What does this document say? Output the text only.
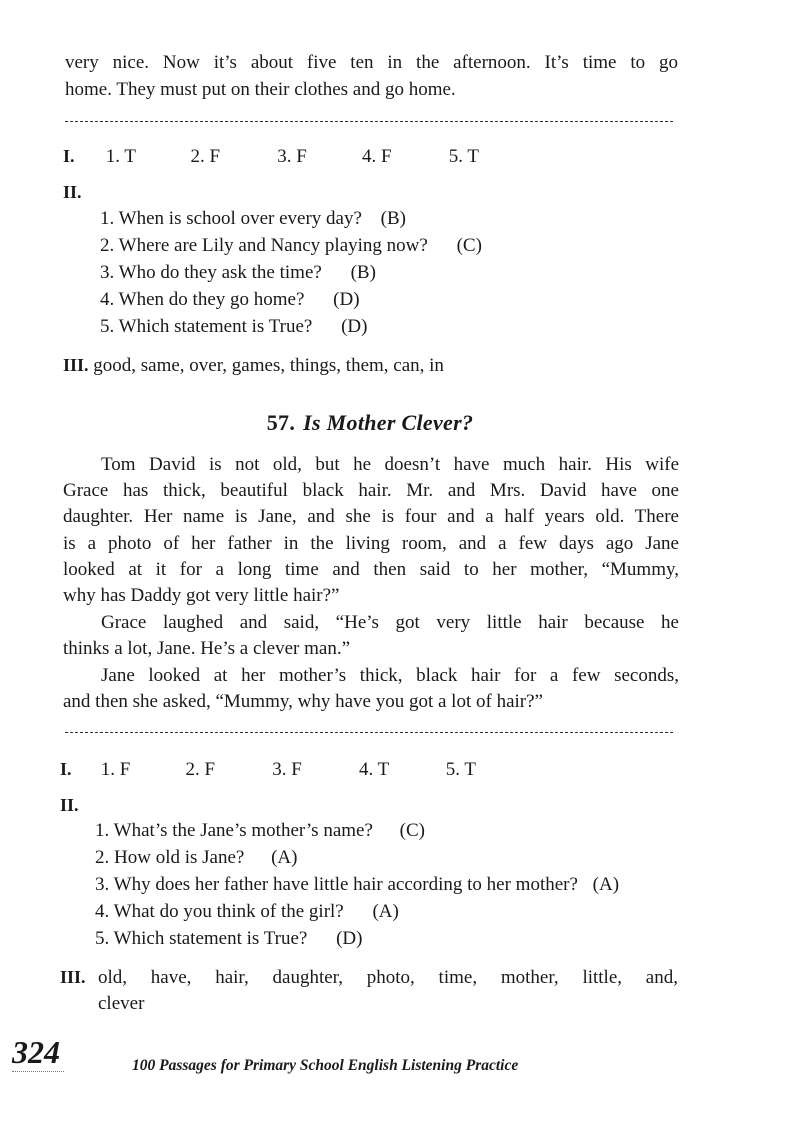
very nice. Now it’s about five ten in the afternoon. It’s time to go
home. They must put on their clothes and go home.
I. 1. T	2. F	3. F	4. F	5. T
II.
1. When is school over every day? (B)
2. Where are Lily and Nancy playing now? (C)
3. Who do they ask the time? (B)
4. When do they go home? (D)
5. Which statement is True? (D)
III. good, same, over, games, things, them, can, in
57. Is Mother Clever?
Tom David is not old, but he doesn’t have much hair. His wife
Grace has thick, beautiful black hair. Mr. and Mrs. David have one
daughter. Her name is Jane, and she is four and a half years old. There
is a photo of her father in the living room, and a few days ago Jane
looked at it for a long time and then said to her mother, “Mummy,
why has Daddy got very little hair?”
Grace laughed and said, “He’s got very little hair because he
thinks a lot, Jane. He’s a clever man.”
Jane looked at her mother’s thick, black hair for a few seconds,
and then she asked, “Mummy, why have you got a lot of hair?”
I. 1. F	2. F	3. F	4. T	5. T
II.
1. What’s the Jane’s mother’s name? (C)
2. How old is Jane? (A)
3. Why does her father have little hair according to her mother? (A)
4. What do you think of the girl? (A)
5. Which statement is True? (D)
III. old, have, hair, daughter, photo, time, mother, little, and,
clever
324	100 Passages for Primary School English Listening Practice
